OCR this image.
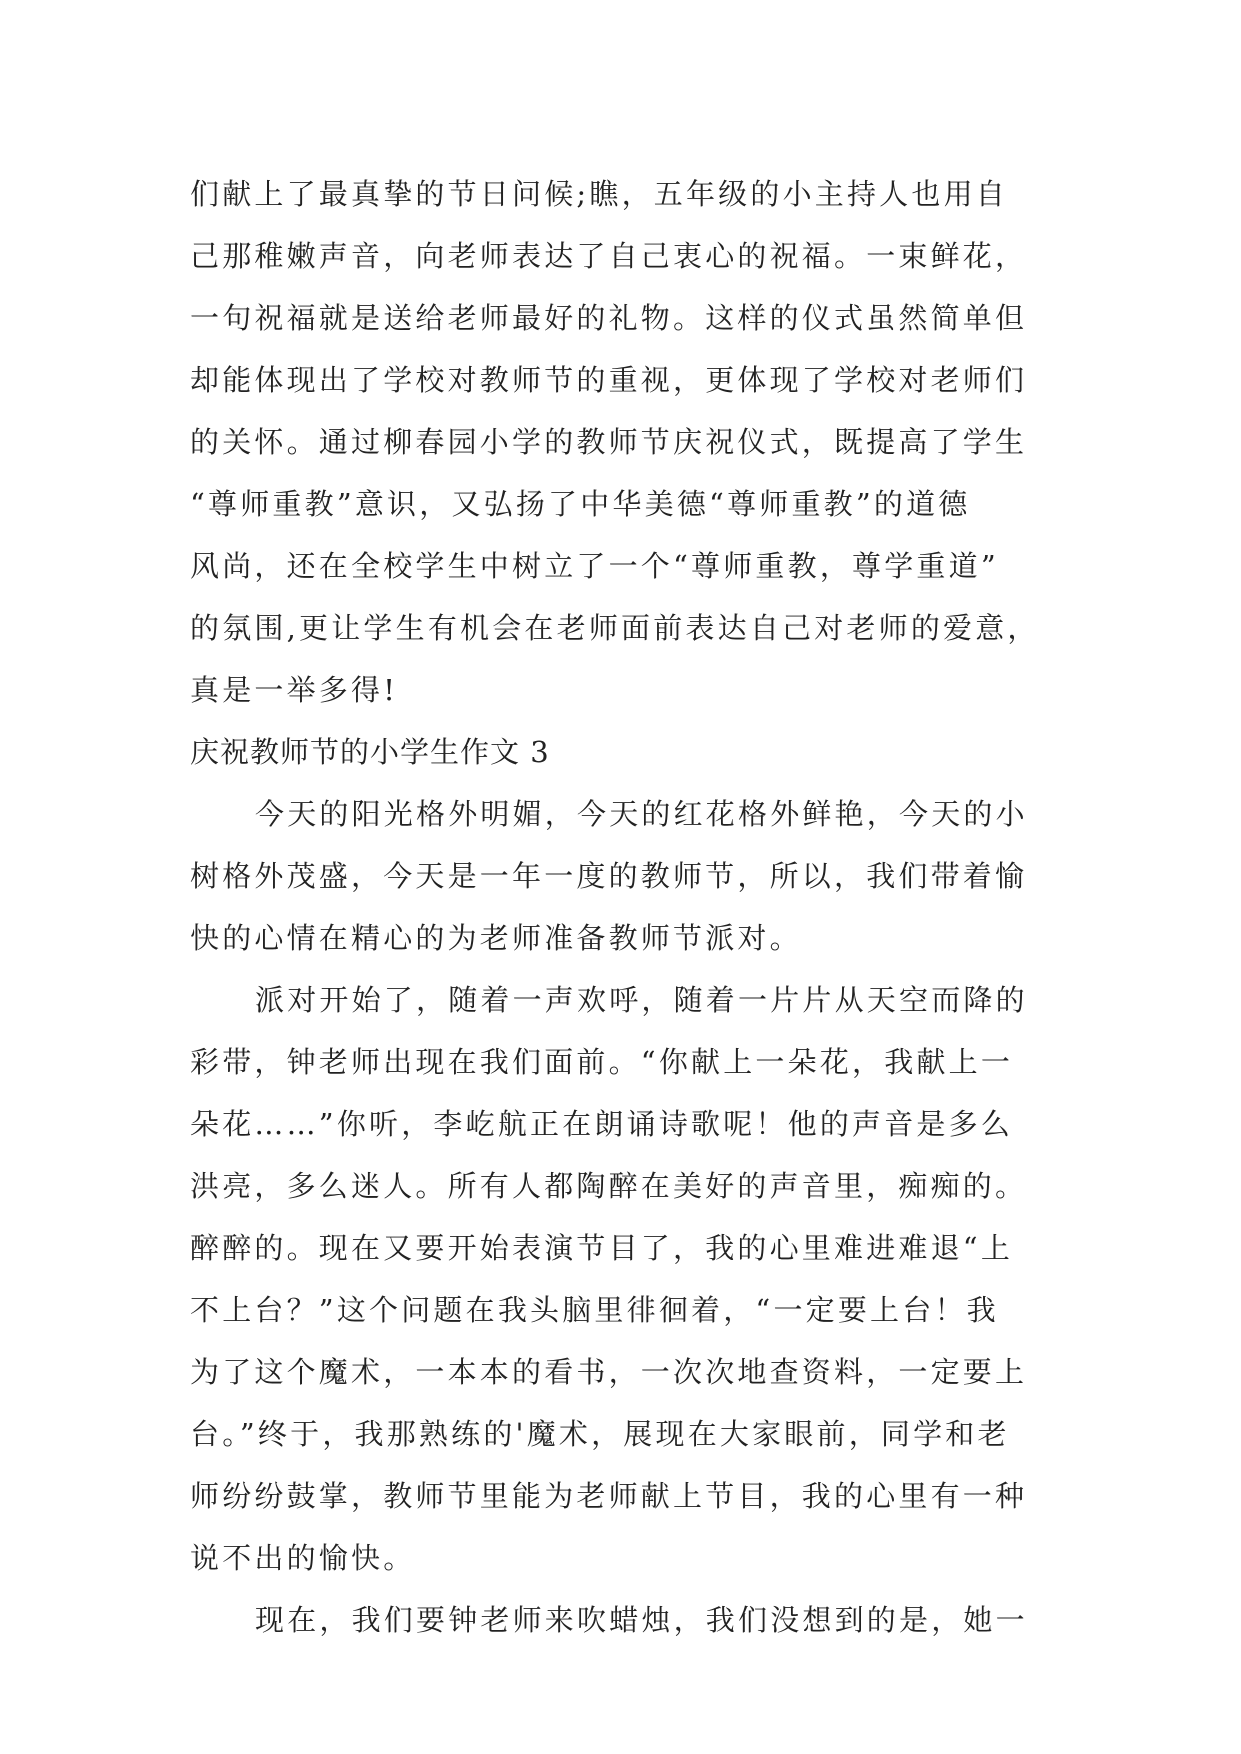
们献上了最真挚的节日问候;瞧，五年级的小主持人也用自
己那稚嫩声音，向老师表达了自己衷心的祝福。一束鲜花，
一句祝福就是送给老师最好的礼物。这样的仪式虽然简单但
却能体现出了学校对教师节的重视，更体现了学校对老师们
的关怀。通过柳春园小学的教师节庆祝仪式，既提高了学生
“尊师重教”意识，又弘扬了中华美德“尊师重教”的道德
风尚，还在全校学生中树立了一个“尊师重教，尊学重道”
的氛围,更让学生有机会在老师面前表达自己对老师的爱意，
真是一举多得!
庆祝教师节的小学生作文 3
今天的阳光格外明媚，今天的红花格外鲜艳，今天的小
树格外茂盛，今天是一年一度的教师节，所以，我们带着愉
快的心情在精心的为老师准备教师节派对。
派对开始了，随着一声欢呼，随着一片片从天空而降的
彩带，钟老师出现在我们面前。“你献上一朵花，我献上一
朵花……”你听，李屹航正在朗诵诗歌呢！他的声音是多么
洪亮，多么迷人。所有人都陶醉在美好的声音里，痴痴的。
醉醉的。现在又要开始表演节目了，我的心里难进难退“上
不上台？”这个问题在我头脑里徘徊着，“一定要上台！我
为了这个魔术，一本本的看书，一次次地查资料，一定要上
台。”终于，我那熟练的'魔术，展现在大家眼前，同学和老
师纷纷鼓掌，教师节里能为老师献上节目，我的心里有一种
说不出的愉快。
现在，我们要钟老师来吹蜡烛，我们没想到的是，她一
